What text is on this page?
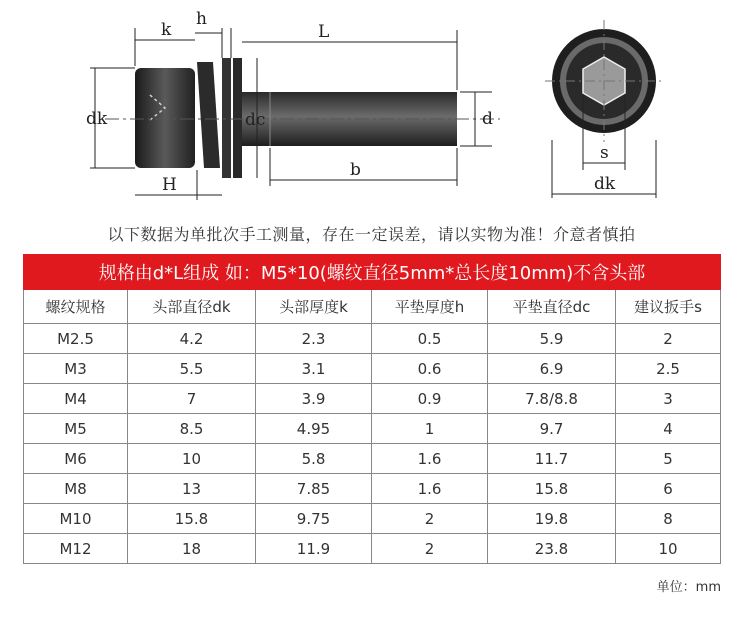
k
h
L
dk	dc	d
H
b
s
dk
以下数据为单批次手工测量，存在一定误差，请以实物为准！介意者慎拍
规格由d*L组成 如：M5*10(螺纹直径5mm*总长度10mm)不含头部					
螺纹规格	头部直径dk	头部厚度k	平垫厚度h	平垫直径dc	建议扳手s
M2.5	4.2	2.3	0.5	5.9	2
M3	5.5	3.1	0.6	6.9	2.5
M4	7	3.9	0.9	7.8/8.8	3
M5	8.5	4.95	1	9.7	4
M6	10	5.8	1.6	11.7	5
M8	13	7.85	1.6	15.8	6
M10	15.8	9.75	2	19.8	8
M12	18	11.9	2	23.8	10
单位：mm
